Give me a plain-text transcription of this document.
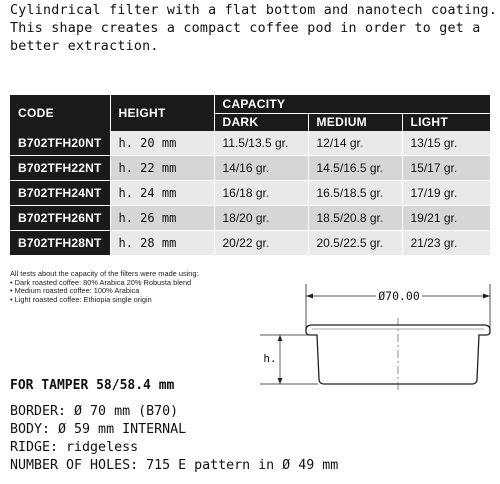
Cylindrical filter with a flat bottom and nanotech coating.
This shape creates a compact coffee pod in order to get a
better extraction.
CODE	HEIGHT	CAPACITY		
		DARK	MEDIUM	LIGHT
B702TFH20NT	h. 20 mm	11.5/13.5 gr.	12/14 gr.	13/15 gr.
B702TFH22NT	h. 22 mm	14/16 gr.	14.5/16.5 gr.	15/17 gr.
B702TFH24NT	h. 24 mm	16/18 gr.	16.5/18.5 gr.	17/19 gr.
B702TFH26NT	h. 26 mm	18/20 gr.	18.5/20.8 gr.	19/21 gr.
B702TFH28NT	h. 28 mm	20/22 gr.	20.5/22.5 gr.	21/23 gr.
All tests about the capacity of the filters were made using:
• Dark roasted coffee: 80% Arabica 20% Robusta blend
• Medium roasted coffee: 100% Arabica
• Light roasted coffee: Ethiopia single origin	Ø70.00
h.
FOR TAMPER 58/58.4 mm
BORDER: Ø 70 mm (B70)
BODY: Ø 59 mm INTERNAL
RIDGE: ridgeless
NUMBER OF HOLES: 715 E pattern in Ø 49 mm
